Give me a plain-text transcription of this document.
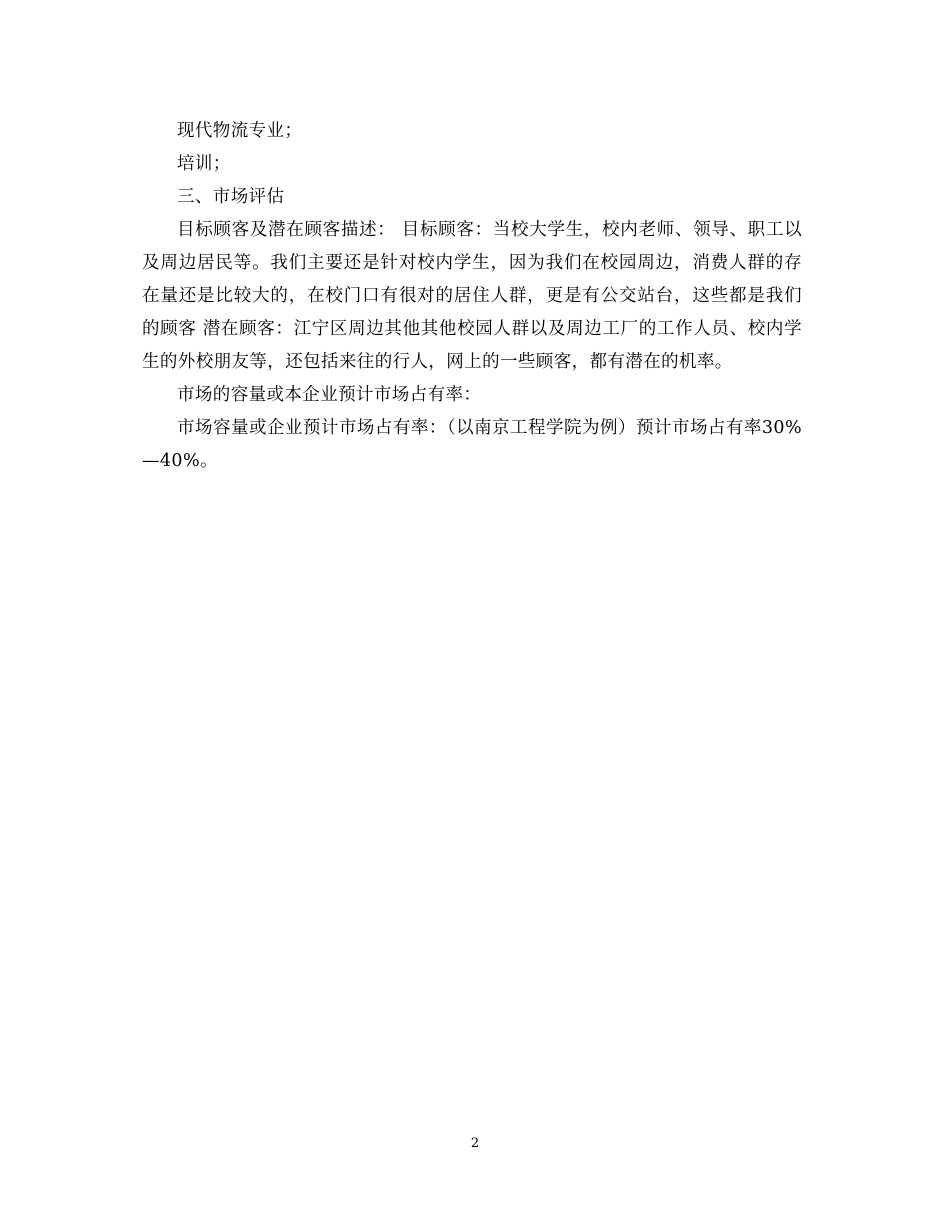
现代物流专业；

培训；

三、市场评估

目标顾客及潜在顾客描述： 目标顾客：当校大学生，校内老师、领导、职工以及周边居民等。我们主要还是针对校内学生，因为我们在校园周边，消费人群的存在量还是比较大的，在校门口有很对的居住人群，更是有公交站台，这些都是我们的顾客 潜在顾客：江宁区周边其他其他校园人群以及周边工厂的工作人员、校内学生的外校朋友等，还包括来往的行人，网上的一些顾客，都有潜在的机率。

市场的容量或本企业预计市场占有率：

市场容量或企业预计市场占有率：（以南京工程学院为例）预计市场占有率30%—40%。

2
